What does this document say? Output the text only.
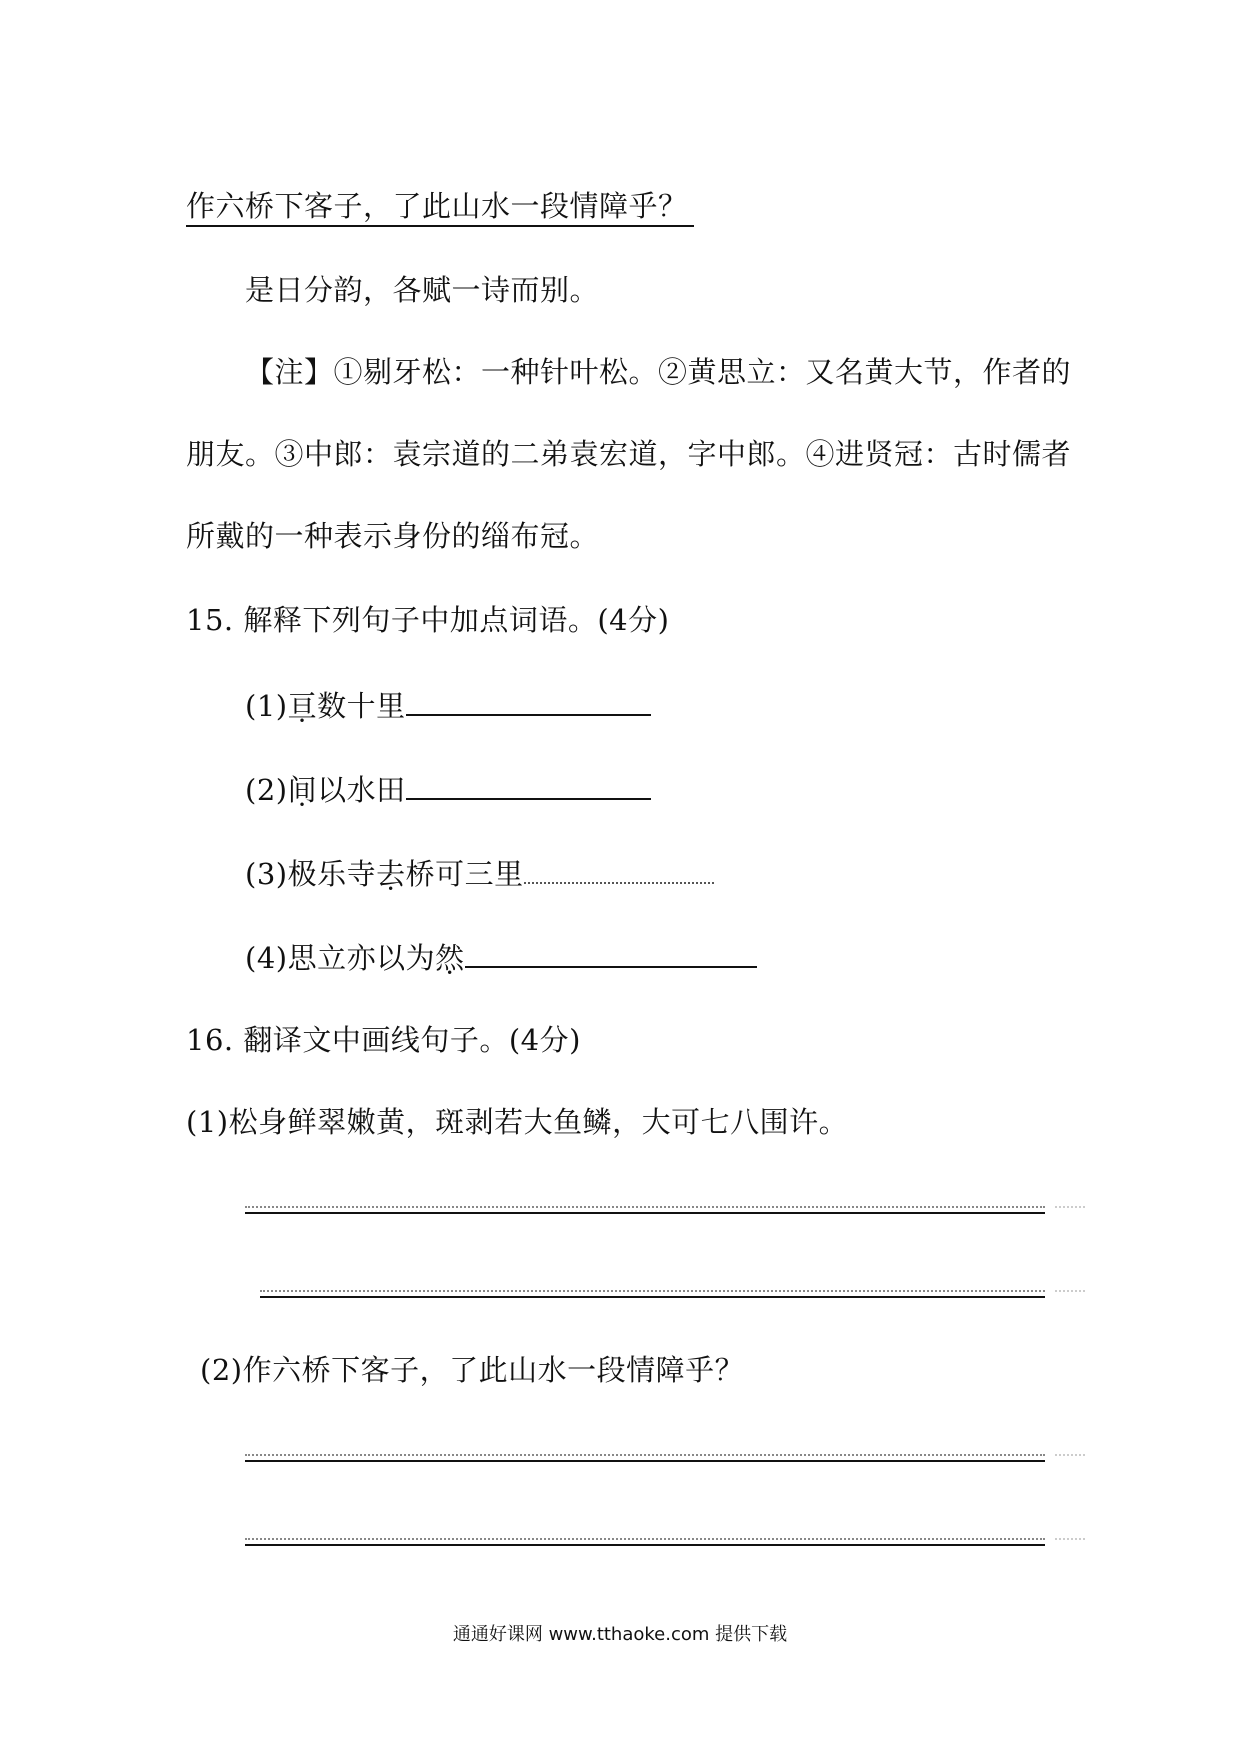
作六桥下客子，了此山水一段情障乎？
是日分韵，各赋一诗而别。
【注】①剔牙松：一种针叶松。②黄思立：又名黄大节，作者的
朋友。③中郎：袁宗道的二弟袁宏道，字中郎。④进贤冠：古时儒者
所戴的一种表示身份的缁布冠。
15. 解释下列句子中加点词语。(4分)
(1)亘数十里
(2)间以水田
(3)极乐寺去桥可三里
(4)思立亦以为然
16. 翻译文中画线句子。(4分)
(1)松身鲜翠嫩黄，斑剥若大鱼鳞，大可七八围许。
(2)作六桥下客子，了此山水一段情障乎？
通通好课网 www.tthaoke.com 提供下载
